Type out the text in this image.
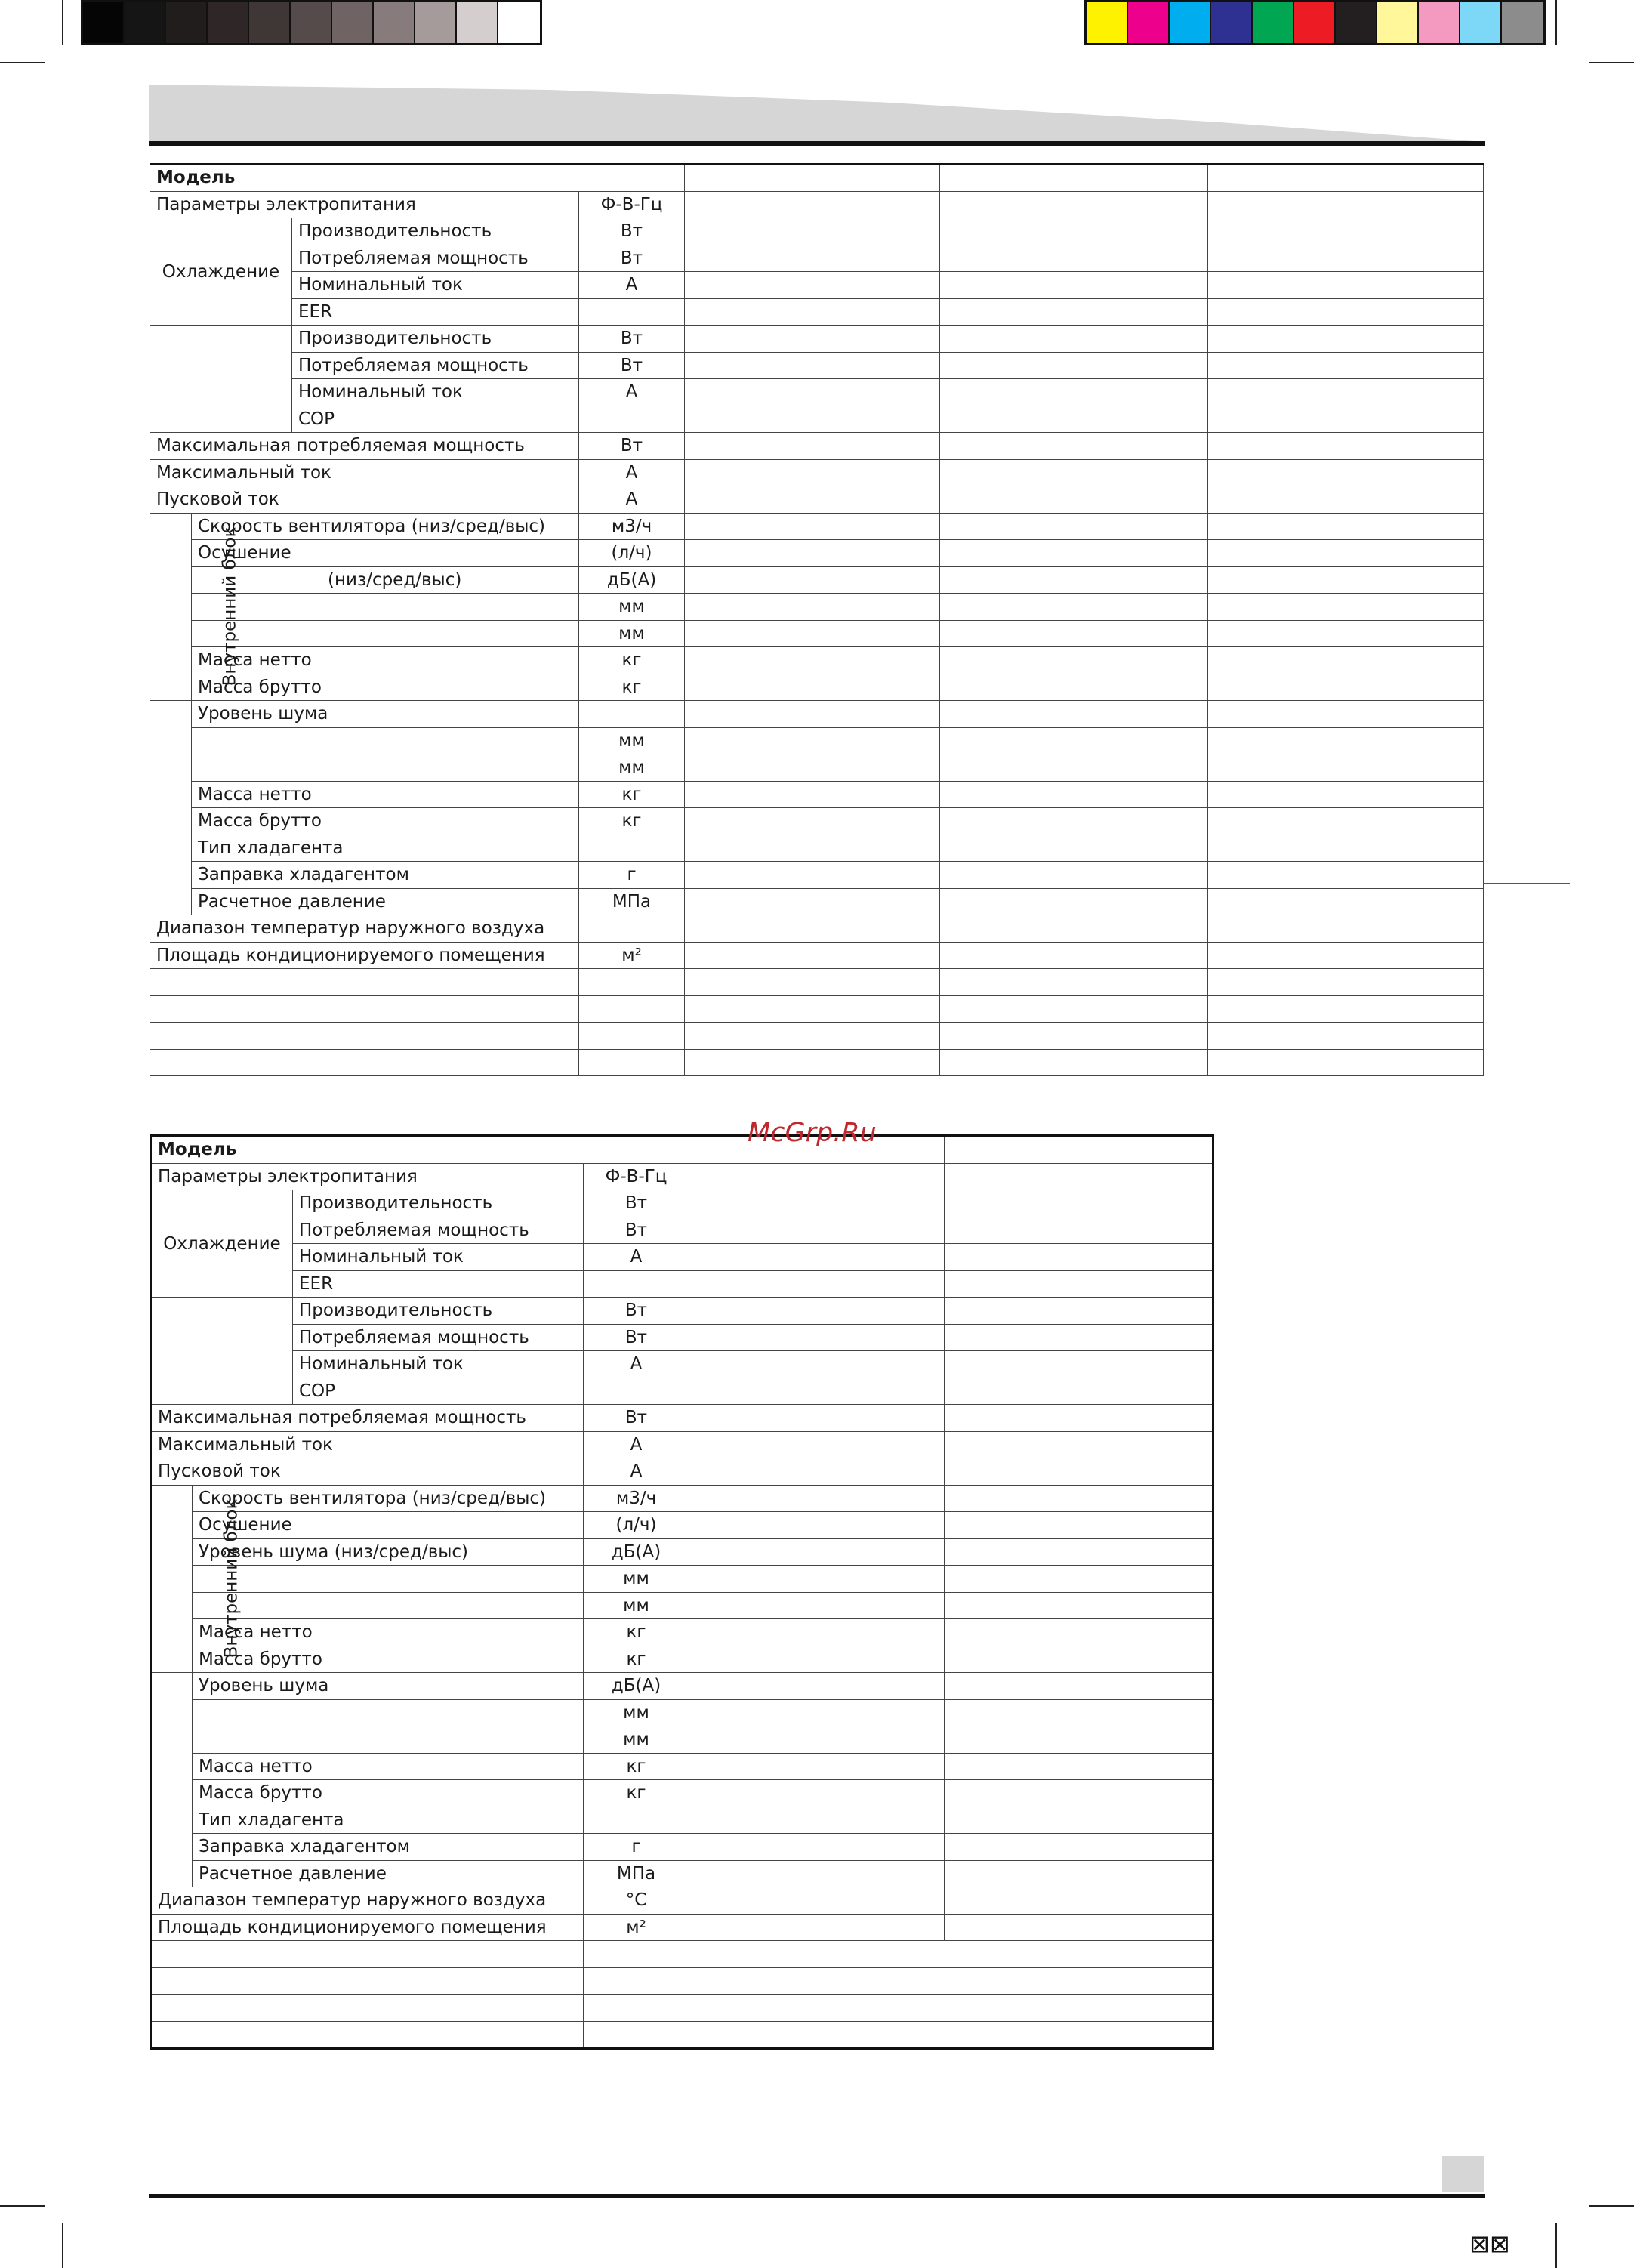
Модель						
Параметры электропитания			Ф-В-Гц			
Охлаждение		Производительность	Вт			
		Потребляемая мощность	Вт			
		Номинальный ток	А			
		EER				
		Производительность	Вт			
		Потребляемая мощность	Вт			
		Номинальный ток	А			
		COP				
Максимальная потребляемая мощность			Вт			
Максимальный ток			А			
Пусковой ток			А			
Внутренний блок	Скорость вентилятора (низ/сред/выс)		м3/ч			
	Осушение		(л/ч)			
	(низ/сред/выс)		дБ(А)			
			мм			
			мм			
	Масса нетто		кг			
	Масса брутто		кг			
	Уровень шума					
			мм			
			мм			
	Масса нетто		кг			
	Масса брутто		кг			
	Тип хладагента					
	Заправка хладагентом		г			
	Расчетное давление		МПа			
Диапазон температур наружного воздуха						
Площадь кондиционируемого помещения			м²			

Модель					
Параметры электропитания			Ф-В-Гц		
Охлаждение		Производительность	Вт		
		Потребляемая мощность	Вт		
		Номинальный ток	А		
		EER			
		Производительность	Вт		
		Потребляемая мощность	Вт		
		Номинальный ток	А		
		COP			
Максимальная потребляемая мощность			Вт		
Максимальный ток			А		
Пусковой ток			А		
Внутренний блок	Скорость вентилятора (низ/сред/выс)		м3/ч		
	Осушение		(л/ч)		
	Уровень шума (низ/сред/выс)		дБ(А)		
			мм		
			мм		
	Масса нетто		кг		
	Масса брутто		кг		
	Уровень шума		дБ(А)		
			мм		
			мм		
	Масса нетто		кг		
	Масса брутто		кг		
	Тип хладагента				
	Заправка хладагентом		г		
	Расчетное давление		МПа		
Диапазон температур наружного воздуха			°С		
Площадь кондиционируемого помещения			м²		

McGrp.Ru
⊠⊠
